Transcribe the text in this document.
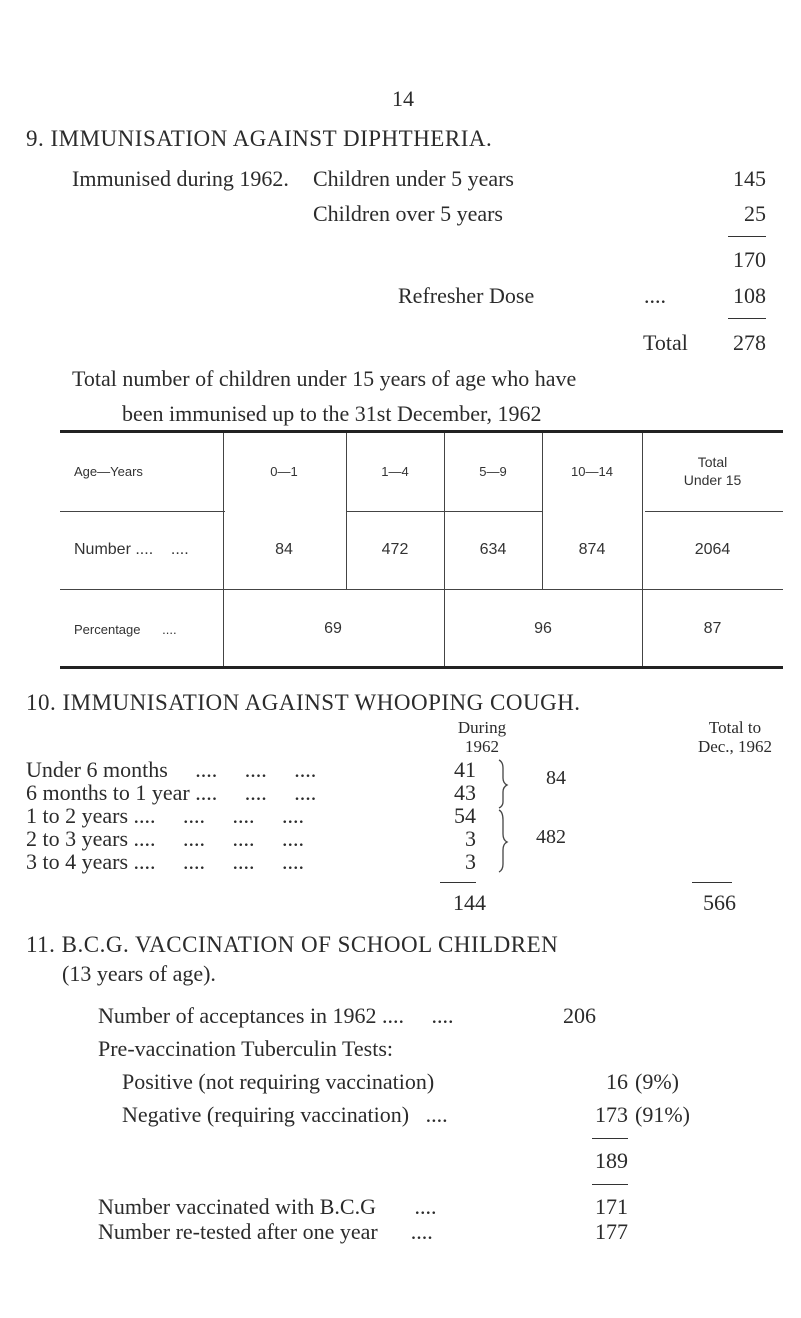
14
9. IMMUNISATION AGAINST DIPHTHERIA.
Immunised during 1962. Children under 5 years	145
Children over 5 years	25
170
Refresher Dose	....	108
Total	278
Total number of children under 15 years of age who have
been immunised up to the 31st December, 1962
Age—Years	0—1	1—4	5—9	10—14	Total
Under 15

Number ....    ....	84	472	634	874	2064
Percentage      ....	69		96		87
10. IMMUNISATION AGAINST WHOOPING COUGH.
During
1962
Total to
Dec., 1962
Under 6 months     ....     ....     ....	41
6 months to 1 year ....     ....     ....	43
1 to 2 years ....     ....     ....     ....	54
2 to 3 years ....     ....     ....     ....	3
3 to 4 years ....     ....     ....     ....	3
84
482
144	566
11. B.C.G. VACCINATION OF SCHOOL CHILDREN
(13 years of age).
Number of acceptances in 1962 ....     ....	206
Pre-vaccination Tuberculin Tests:
Positive (not requiring vaccination)	16 (9%)
Negative (requiring vaccination)   ....	173 (91%)
189
Number vaccinated with B.C.G       ....	171
Number re-tested after one year      ....	177
